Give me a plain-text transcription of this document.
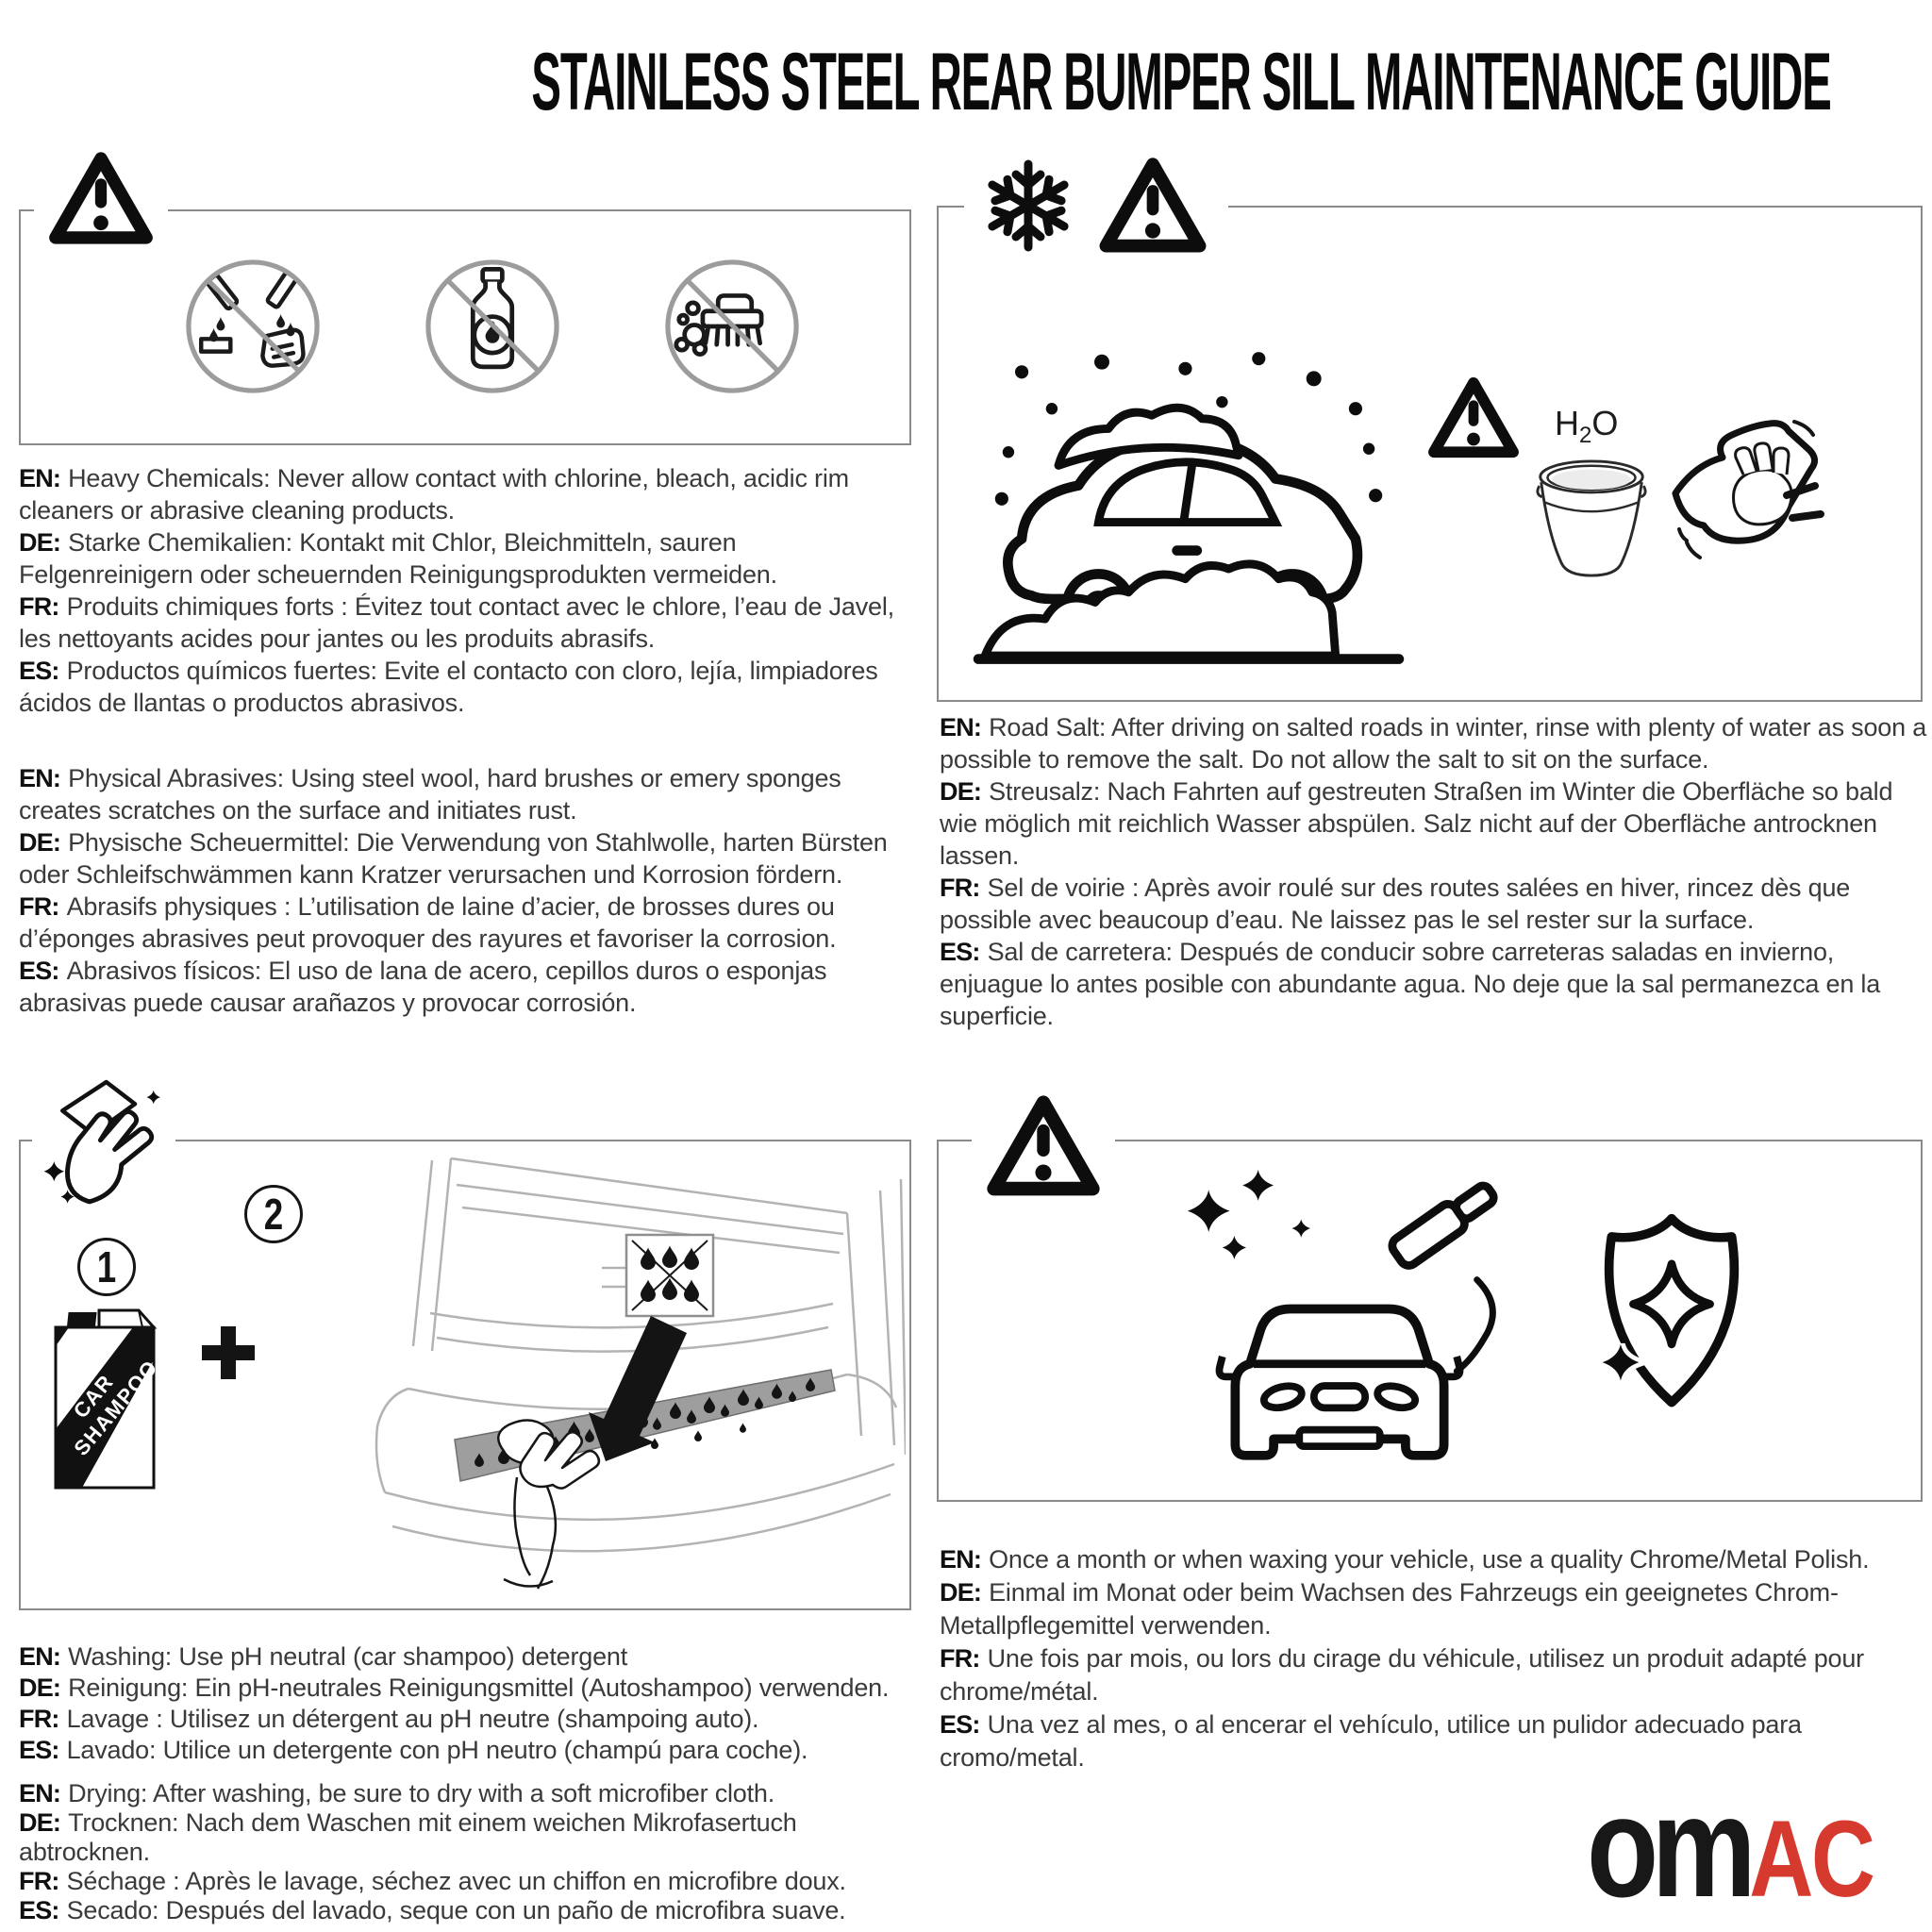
STAINLESS STEEL REAR BUMPER SILL MAINTENANCE GUIDE

EN: Heavy Chemicals: Never allow contact with chlorine, bleach, acidic rim cleaners or abrasive cleaning products.

DE: Starke Chemikalien: Kontakt mit Chlor, Bleichmitteln, sauren Felgenreinigern oder scheuernden Reinigungsprodukten vermeiden.

FR: Produits chimiques forts : Évitez tout contact avec le chlore, l’eau de Javel, les nettoyants acides pour jantes ou les produits abrasifs.

ES: Productos químicos fuertes: Evite el contacto con cloro, lejía, limpiadores ácidos de llantas o productos abrasivos.

EN: Physical Abrasives: Using steel wool, hard brushes or emery sponges creates scratches on the surface and initiates rust.

DE: Physische Scheuermittel: Die Verwendung von Stahlwolle, harten Bürsten oder Schleifschwämmen kann Kratzer verursachen und Korrosion fördern.

FR: Abrasifs physiques : L’utilisation de laine d’acier, de brosses dures ou d’éponges abrasives peut provoquer des rayures et favoriser la corrosion.

ES: Abrasivos físicos: El uso de lana de acero, cepillos duros o esponjas abrasivas puede causar arañazos y provocar corrosión.

$H_2O$

EN: Road Salt: After driving on salted roads in winter, rinse with plenty of water as soon a possible to remove the salt. Do not allow the salt to sit on the surface.

DE: Streusalz: Nach Fahrten auf gestreuten Straßen im Winter die Oberfläche so bald wie möglich mit reichlich Wasser abspülen. Salz nicht auf der Oberfläche antrocknen lassen.

FR: Sel de voirie : Après avoir roulé sur des routes salées en hiver, rincez dès que possible avec beaucoup d’eau. Ne laissez pas le sel rester sur la surface.

ES: Sal de carretera: Después de conducir sobre carreteras saladas en invierno, enjuague lo antes posible con abundante agua. No deje que la sal permanezca en la superficie.

1
2

EN: Washing: Use pH neutral (car shampoo) detergent

DE: Reinigung: Ein pH-neutrales Reinigungsmittel (Autoshampoo) verwenden.

FR: Lavage : Utilisez un détergent au pH neutre (shampoing auto).

ES: Lavado: Utilice un detergente con pH neutro (champú para coche).

EN: Drying: After washing, be sure to dry with a soft microfiber cloth.

DE: Trocknen: Nach dem Waschen mit einem weichen Mikrofasertuch abtrocknen.

FR: Séchage : Après le lavage, séchez avec un chiffon en microfibre doux.

ES: Secado: Después del lavado, seque con un paño de microfibra suave.

EN: Once a month or when waxing your vehicle, use a quality Chrome/Metal Polish.

DE: Einmal im Monat oder beim Wachsen des Fahrzeugs ein geeignetes Chrom-Metallpflegemittel verwenden.

FR: Une fois par mois, ou lors du cirage du véhicule, utilisez un produit adapté pour chrome/métal.

ES: Una vez al mes, o al encerar el vehículo, utilice un pulidor adecuado para cromo/metal.

omAC
